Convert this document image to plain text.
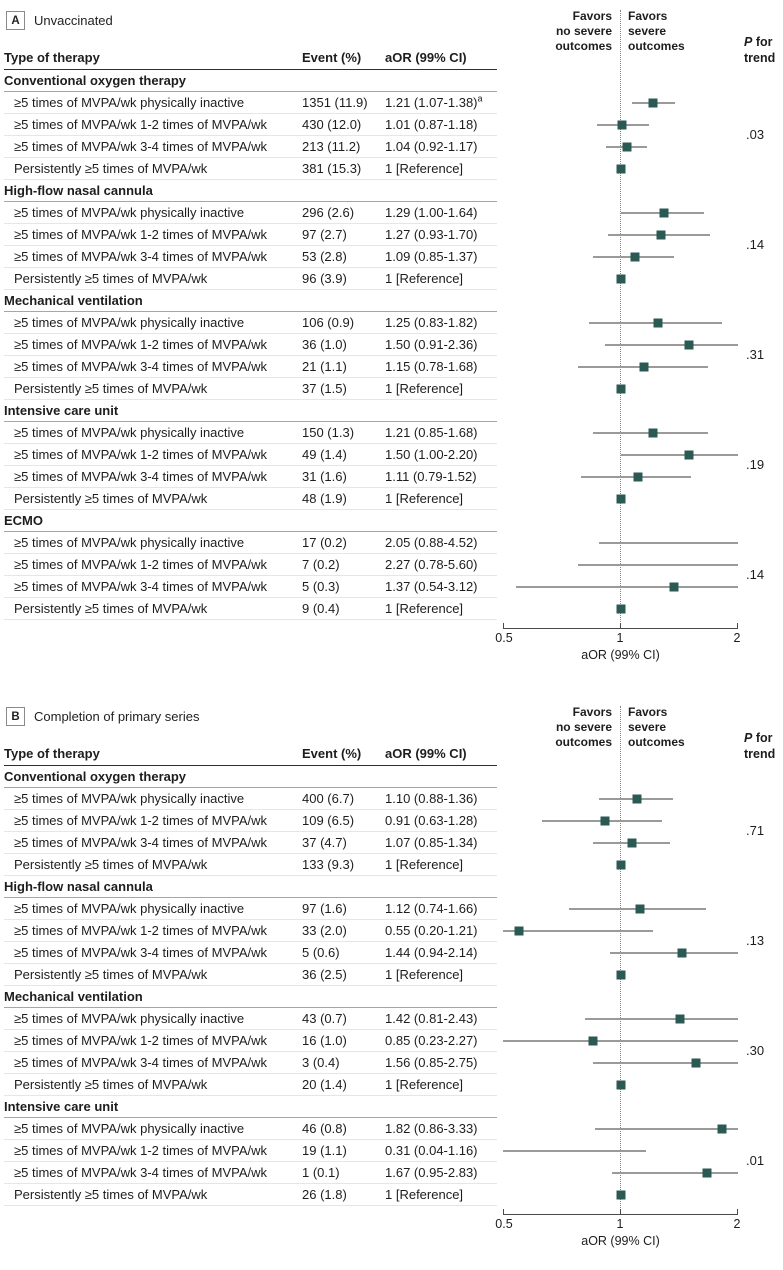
A	Unvaccinated
Type of therapy	Event (%)	aOR (99% CI)
Favors
no severe
outcomes
Favors
severe
outcomes	P for
trend
Conventional oxygen therapy
≥5 times of MVPA/wk physically inactive	1351 (11.9)	1.21 $(1.07-1.38)^a$
≥5 times of MVPA/wk 1-2 times of MVPA/wk	430 (12.0)	1.01 (0.87-1.18)
≥5 times of MVPA/wk 3-4 times of MVPA/wk	213 (11.2)	1.04 (0.92-1.17)
Persistently ≥5 times of MVPA/wk	381 (15.3)	1 [Reference]
.03
High-flow nasal cannula
≥5 times of MVPA/wk physically inactive	296 (2.6)	1.29 (1.00-1.64)
≥5 times of MVPA/wk 1-2 times of MVPA/wk	97 (2.7)	1.27 (0.93-1.70)
≥5 times of MVPA/wk 3-4 times of MVPA/wk	53 (2.8)	1.09 (0.85-1.37)
Persistently ≥5 times of MVPA/wk	96 (3.9)	1 [Reference]
.14
Mechanical ventilation
≥5 times of MVPA/wk physically inactive	106 (0.9)	1.25 (0.83-1.82)
≥5 times of MVPA/wk 1-2 times of MVPA/wk	36 (1.0)	1.50 (0.91-2.36)
≥5 times of MVPA/wk 3-4 times of MVPA/wk	21 (1.1)	1.15 (0.78-1.68)
Persistently ≥5 times of MVPA/wk	37 (1.5)	1 [Reference]
.31
Intensive care unit
≥5 times of MVPA/wk physically inactive	150 (1.3)	1.21 (0.85-1.68)
≥5 times of MVPA/wk 1-2 times of MVPA/wk	49 (1.4)	1.50 (1.00-2.20)
≥5 times of MVPA/wk 3-4 times of MVPA/wk	31 (1.6)	1.11 (0.79-1.52)
Persistently ≥5 times of MVPA/wk	48 (1.9)	1 [Reference]
.19
ECMO
≥5 times of MVPA/wk physically inactive	17 (0.2)	2.05 (0.88-4.52)
≥5 times of MVPA/wk 1-2 times of MVPA/wk	7 (0.2)	2.27 (0.78-5.60)
≥5 times of MVPA/wk 3-4 times of MVPA/wk	5 (0.3)	1.37 (0.54-3.12)
Persistently ≥5 times of MVPA/wk	9 (0.4)	1 [Reference]
.14
0.5	1	2
aOR (99% CI)
B	Completion of primary series
Type of therapy	Event (%)	aOR (99% CI)
Favors
no severe
outcomes
Favors
severe
outcomes	P for
trend
Conventional oxygen therapy
≥5 times of MVPA/wk physically inactive	400 (6.7)	1.10 (0.88-1.36)
≥5 times of MVPA/wk 1-2 times of MVPA/wk	109 (6.5)	0.91 (0.63-1.28)
≥5 times of MVPA/wk 3-4 times of MVPA/wk	37 (4.7)	1.07 (0.85-1.34)
Persistently ≥5 times of MVPA/wk	133 (9.3)	1 [Reference]
.71
High-flow nasal cannula
≥5 times of MVPA/wk physically inactive	97 (1.6)	1.12 (0.74-1.66)
≥5 times of MVPA/wk 1-2 times of MVPA/wk	33 (2.0)	0.55 (0.20-1.21)
≥5 times of MVPA/wk 3-4 times of MVPA/wk	5 (0.6)	1.44 (0.94-2.14)
Persistently ≥5 times of MVPA/wk	36 (2.5)	1 [Reference]
.13
Mechanical ventilation
≥5 times of MVPA/wk physically inactive	43 (0.7)	1.42 (0.81-2.43)
≥5 times of MVPA/wk 1-2 times of MVPA/wk	16 (1.0)	0.85 (0.23-2.27)
≥5 times of MVPA/wk 3-4 times of MVPA/wk	3 (0.4)	1.56 (0.85-2.75)
Persistently ≥5 times of MVPA/wk	20 (1.4)	1 [Reference]
.30
Intensive care unit
≥5 times of MVPA/wk physically inactive	46 (0.8)	1.82 (0.86-3.33)
≥5 times of MVPA/wk 1-2 times of MVPA/wk	19 (1.1)	0.31 (0.04-1.16)
≥5 times of MVPA/wk 3-4 times of MVPA/wk	1 (0.1)	1.67 (0.95-2.83)
Persistently ≥5 times of MVPA/wk	26 (1.8)	1 [Reference]
.01
0.5	1	2
aOR (99% CI)
